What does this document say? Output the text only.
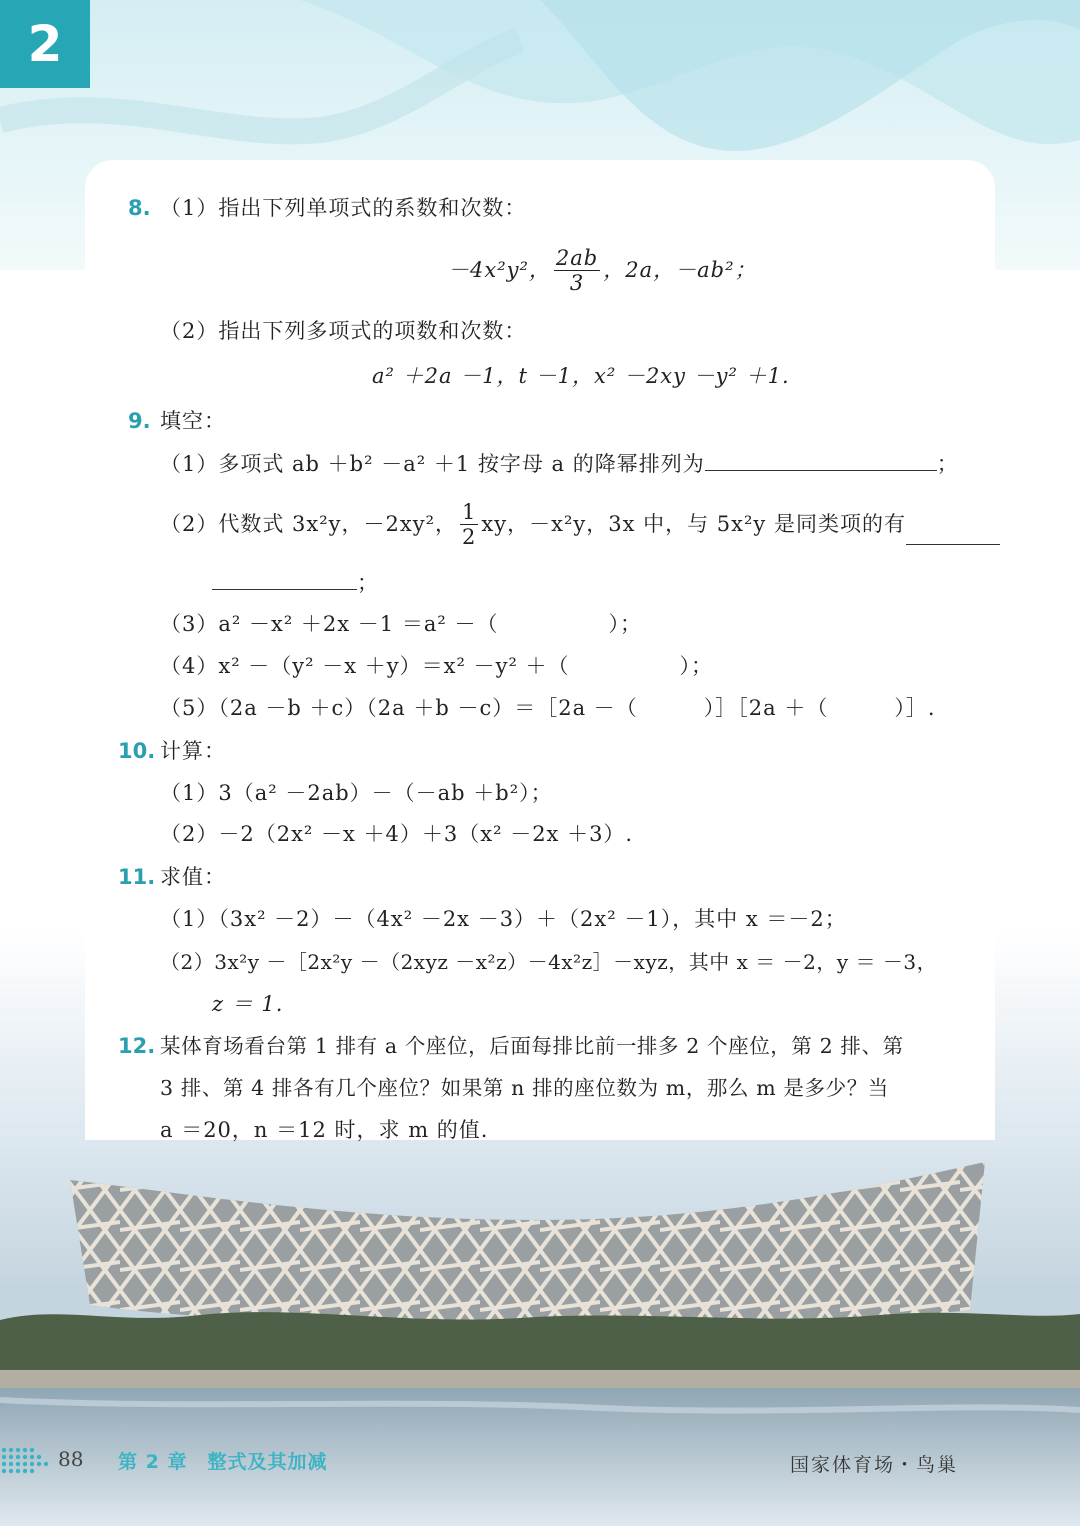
2
8. （1）指出下列单项式的系数和次数：
－4x²y²， $\frac{2ab}{3}$ ，2a，－ab²；
（2）指出下列多项式的项数和次数：
a² ＋2a －1，t －1，x² －2xy －y² ＋1.
9. 填空：
（1）多项式 ab ＋b² －a² ＋1 按字母 a 的降幂排列为	；
（2）代数式 3x²y，－2xy²， $\frac{1}{2}$ xy，－x²y，3x 中，与 5x²y 是同类项的有
；
（3）a² －x² ＋2x －1 ＝a² －（　　　　　）；
（4）x² －（y² －x ＋y）＝x² －y² ＋（　　　　　）；
（5）（2a －b ＋c）（2a ＋b －c）＝［2a －（　　　）］［2a ＋（　　　）］.
10. 计算：
（1）3（a² －2ab）－（－ab ＋b²）；
（2）－2（2x² －x ＋4）＋3（x² －2x ＋3）.
11. 求值：
（1）（3x² －2）－（4x² －2x －3）＋（2x² －1），其中 x ＝－2；
（2）3x²y －［2x²y －（2xyz －x²z）－4x²z］－xyz，其中 x ＝ －2，y ＝ －3，
z ＝ 1.
12. 某体育场看台第 1 排有 a 个座位，后面每排比前一排多 2 个座位，第 2 排、第
3 排、第 4 排各有几个座位？如果第 n 排的座位数为 m，那么 m 是多少？当
a ＝20，n ＝12 时，求 m 的值.
88 第 2 章　整式及其加减	国家体育场・鸟巢
